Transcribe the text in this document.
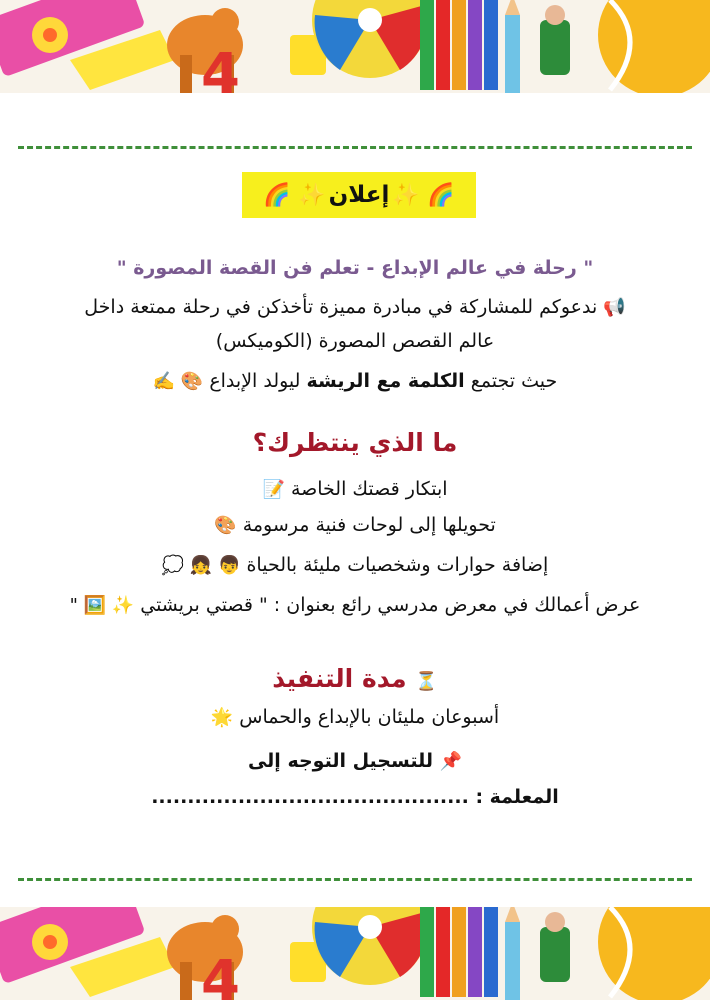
4
🌈 ✨
إعلان
✨ 🌈
" رحلة في عالم الإبداع - تعلم فن القصة المصورة "
📢 ندعوكم للمشاركة في مبادرة مميزة تأخذكن في رحلة ممتعة داخل
عالم القصص المصورة (الكوميكس)
حيث تجتمع الكلمة مع الريشة ليولد الإبداع 🎨 ✍️
ما الذي ينتظرك؟
ابتكار قصتك الخاصة 📝
تحويلها إلى لوحات فنية مرسومة 🎨
إضافة حوارات وشخصيات مليئة بالحياة 👦 👧 💭
عرض أعمالك في معرض مدرسي رائع بعنوان : " قصتي بريشتي ✨ 🖼️ "
⏳ مدة التنفيذ
أسبوعان مليئان بالإبداع والحماس 🌟
📌 للتسجيل التوجه إلى
المعلمة : ............................................
4
